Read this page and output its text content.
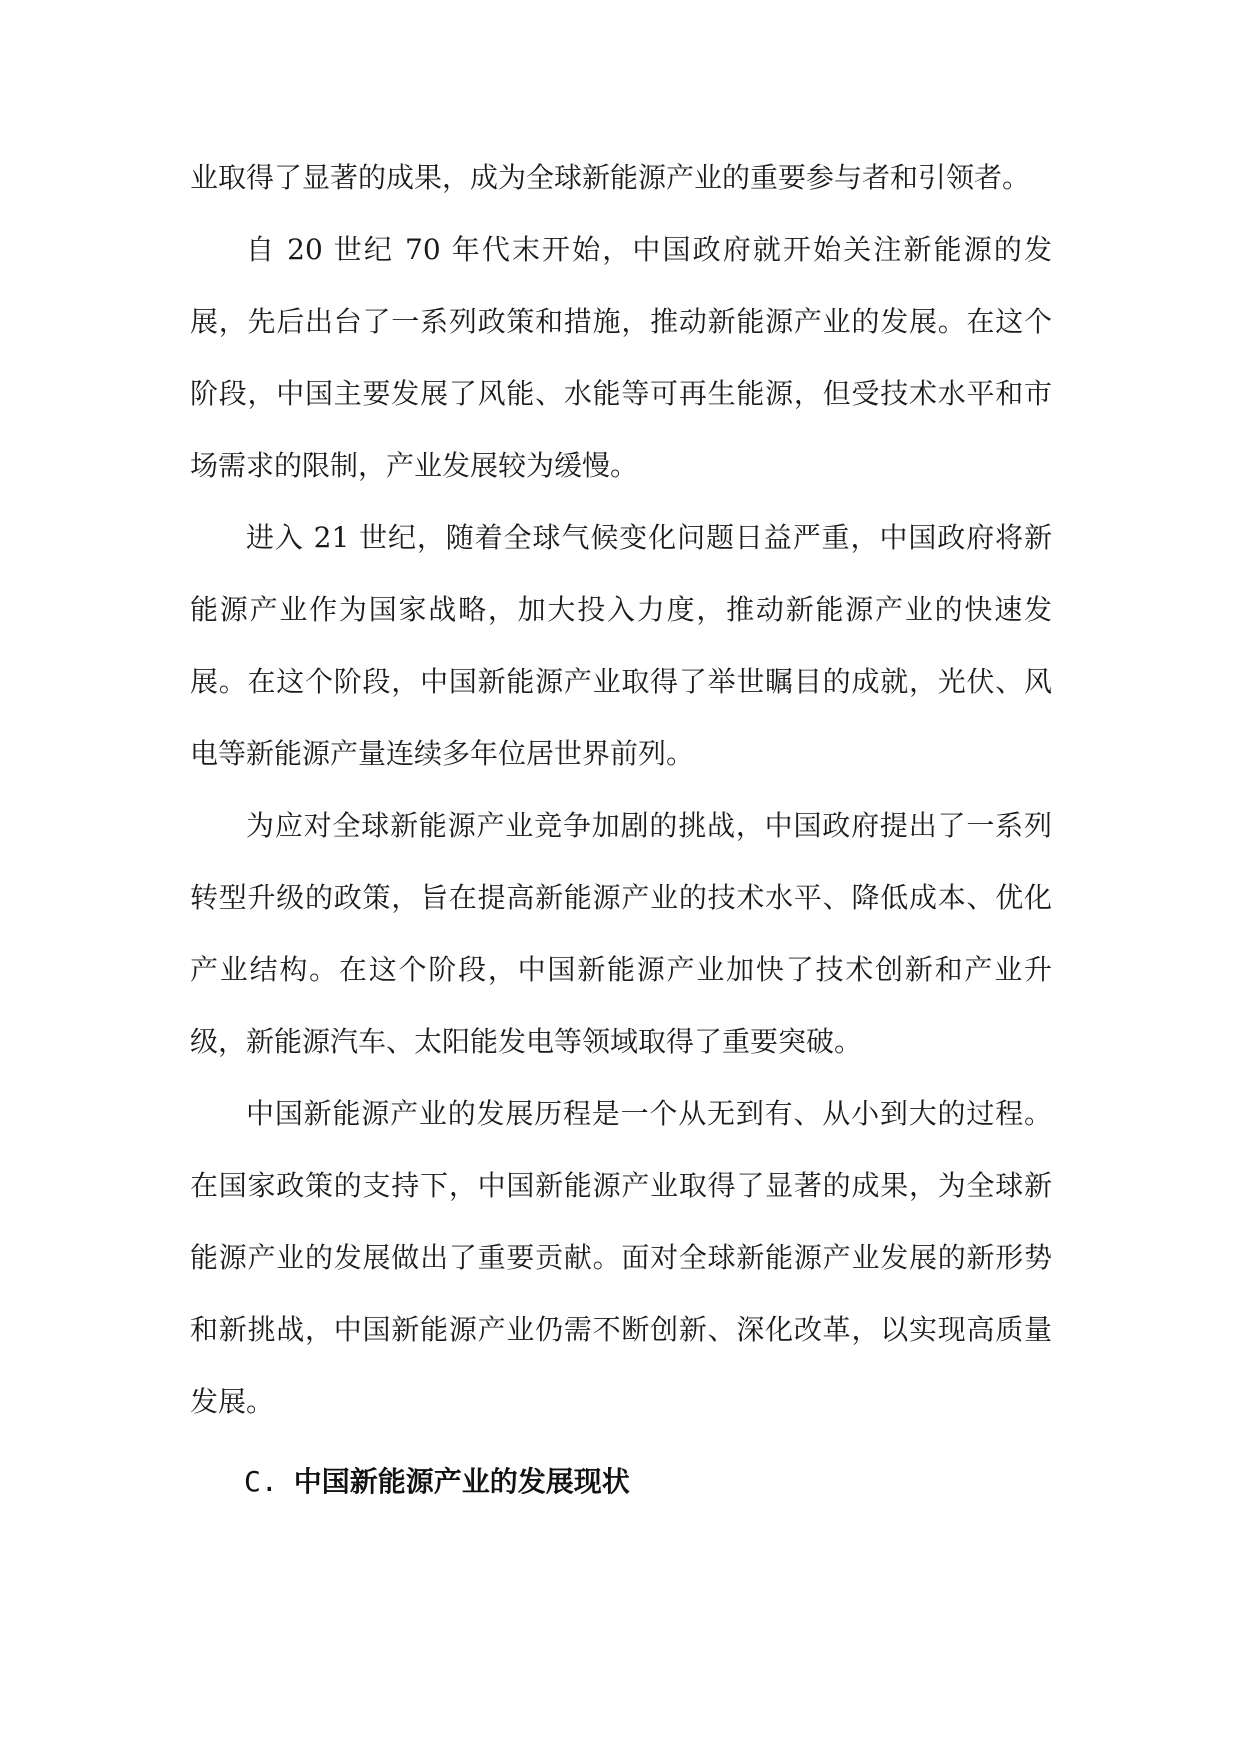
业取得了显著的成果，成为全球新能源产业的重要参与者和引领者。

自 20 世纪 70 年代末开始，中国政府就开始关注新能源的发展，先后出台了一系列政策和措施，推动新能源产业的发展。在这个阶段，中国主要发展了风能、水能等可再生能源，但受技术水平和市场需求的限制，产业发展较为缓慢。

进入 21 世纪，随着全球气候变化问题日益严重，中国政府将新能源产业作为国家战略，加大投入力度，推动新能源产业的快速发展。在这个阶段，中国新能源产业取得了举世瞩目的成就，光伏、风电等新能源产量连续多年位居世界前列。

为应对全球新能源产业竞争加剧的挑战，中国政府提出了一系列转型升级的政策，旨在提高新能源产业的技术水平、降低成本、优化产业结构。在这个阶段，中国新能源产业加快了技术创新和产业升级，新能源汽车、太阳能发电等领域取得了重要突破。

中国新能源产业的发展历程是一个从无到有、从小到大的过程。在国家政策的支持下，中国新能源产业取得了显著的成果，为全球新能源产业的发展做出了重要贡献。面对全球新能源产业发展的新形势和新挑战，中国新能源产业仍需不断创新、深化改革，以实现高质量发展。

C. 中国新能源产业的发展现状
